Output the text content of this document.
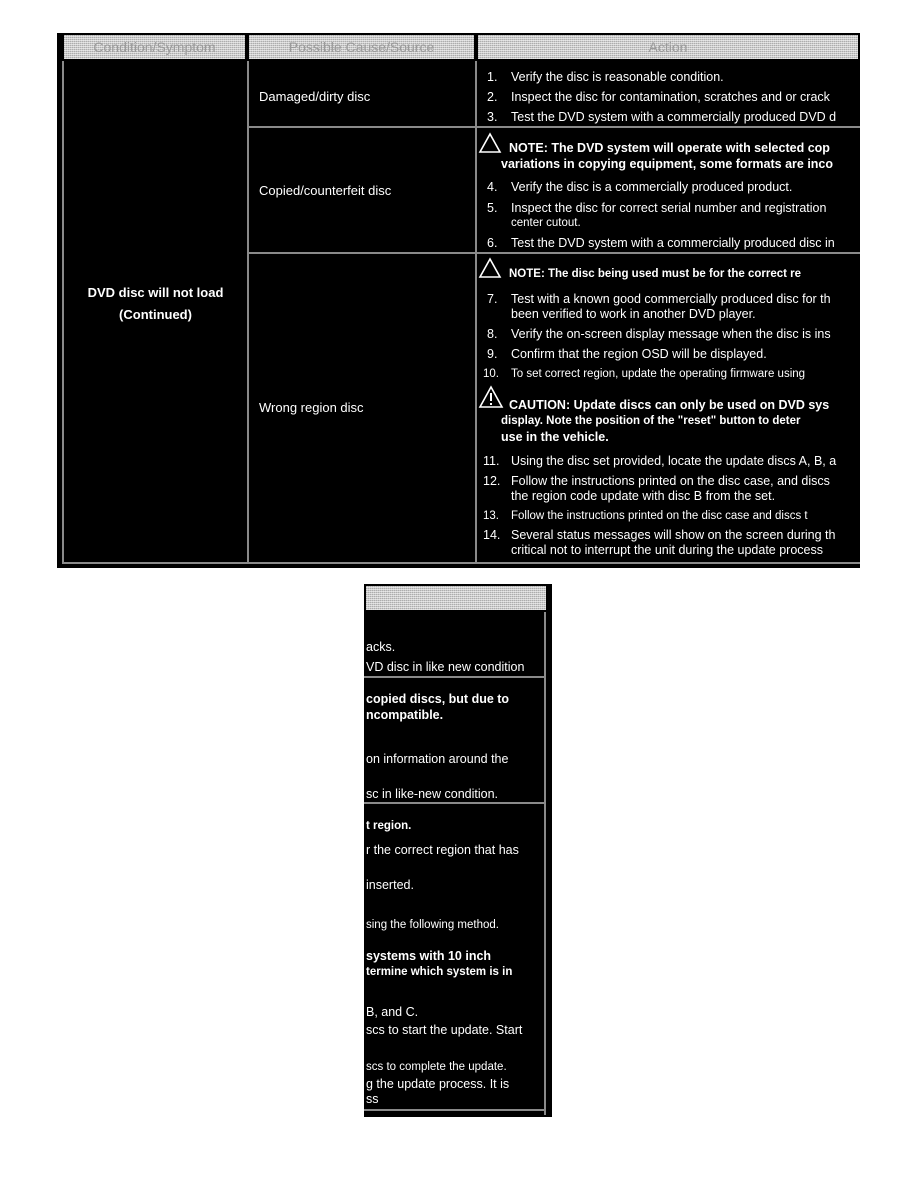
Condition/Symptom	Possible Cause/Source	Action
DVD disc will not load
(Continued)
Damaged/dirty disc
Copied/counterfeit disc
Wrong region disc
1. Verify the disc is reasonable condition.
2. Inspect the disc for contamination, scratches and or crack
3. Test the DVD system with a commercially produced DVD d
NOTE: The DVD system will operate with selected cop
variations in copying equipment, some formats are inco
4. Verify the disc is a commercially produced product.
5. Inspect the disc for correct serial number and registration
center cutout.
6. Test the DVD system with a commercially produced disc in
NOTE: The disc being used must be for the correct re
7. Test with a known good commercially produced disc for th
been verified to work in another DVD player.
8. Verify the on-screen display message when the disc is ins
9. Confirm that the region OSD will be displayed.
10. To set correct region, update the operating firmware using
CAUTION: Update discs can only be used on DVD sys
display. Note the position of the "reset" button to deter
use in the vehicle.
11. Using the disc set provided, locate the update discs A, B, a
12. Follow the instructions printed on the disc case, and discs
the region code update with disc B from the set.
13. Follow the instructions printed on the disc case and discs t
14. Several status messages will show on the screen during th
critical not to interrupt the unit during the update process
acks.
VD disc in like new condition
copied discs, but due to
ncompatible.
on information around the
sc in like-new condition.
t region.
r the correct region that has
inserted.
sing the following method.
systems with 10 inch
termine which system is in
B, and C.
scs to start the update. Start
scs to complete the update.
g the update process. It is
ss
